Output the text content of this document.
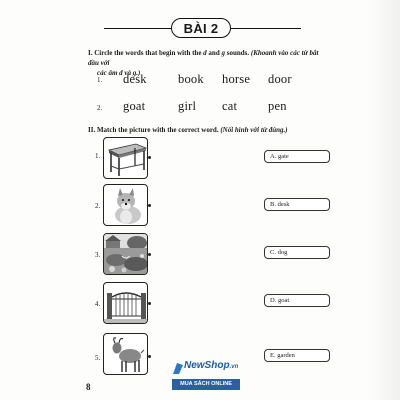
BÀI 2
I. Circle the words that begin with the d and g sounds. (Khoanh vào các từ bắt đầu với
các âm d và g.)
1. desk	book horse door
2. goat	girl cat pen
II. Match the picture with the correct word. (Nối hình với từ đúng.)
1.
2.
3.
4.
5.
A. gate
B. desk
C. dog
D. goat
E. garden
8
NewShop.vn
MUA SÁCH ONLINE
